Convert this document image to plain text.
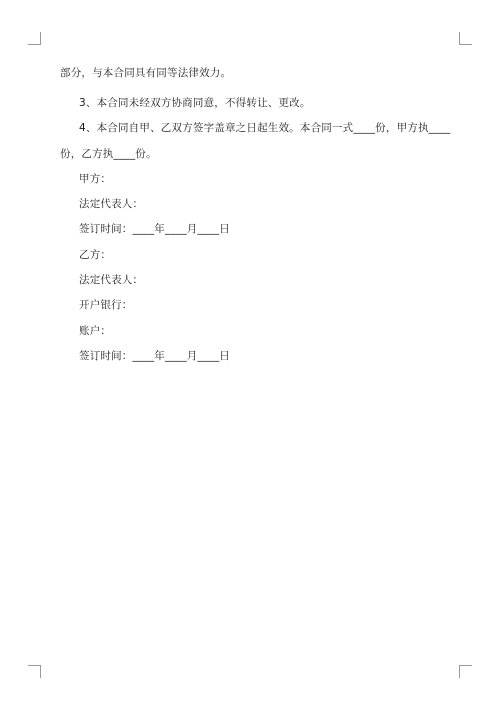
部分，与本合同具有同等法律效力。
3、本合同未经双方协商同意，不得转让、更改。
4、本合同自甲、乙双方签字盖章之日起生效。本合同一式____份，甲方执____
份，乙方执____份。
甲方：
法定代表人：
签订时间：____年____月____日
乙方：
法定代表人：
开户银行：
账户：
签订时间：____年____月____日
